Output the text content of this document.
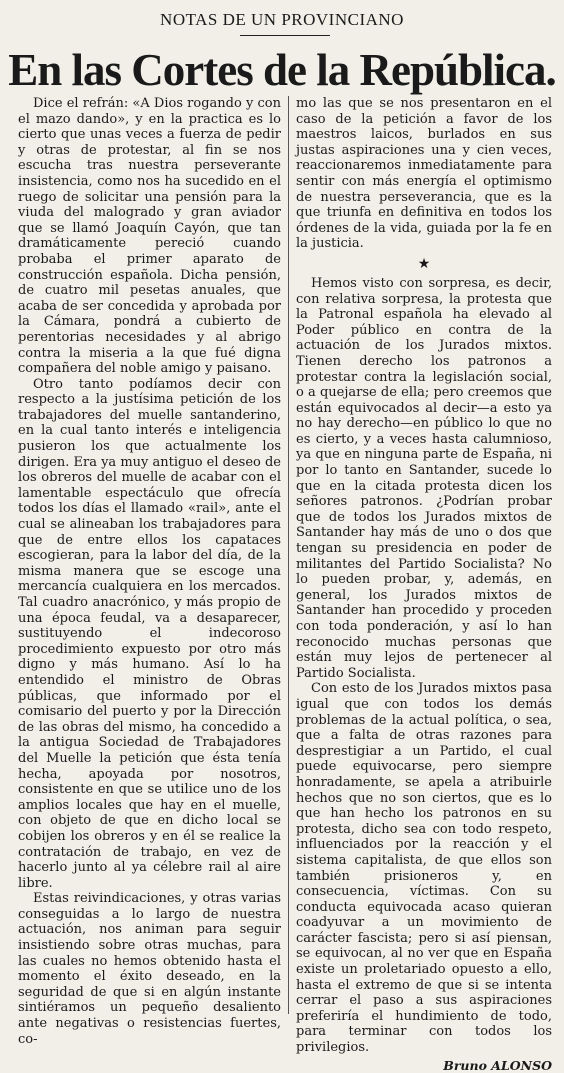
NOTAS DE UN PROVINCIANO
En las Cortes de la República.

Dice el refrán: «A Dios rogando y con el mazo dando», y en la practica es lo cierto que unas veces a fuerza de pedir y otras de protestar, al fin se nos escucha tras nuestra perseverante insistencia, como nos ha sucedido en el ruego de solicitar una pensión para la viuda del malogrado y gran aviador que se llamó Joaquín Cayón, que tan dramáticamente pereció cuando probaba el primer aparato de construcción española. Dicha pensión, de cuatro mil pesetas anuales, que acaba de ser concedida y aprobada por la Cámara, pondrá a cubierto de perentorias necesidades y al abrigo contra la miseria a la que fué digna compañera del noble amigo y paisano.

Otro tanto podíamos decir con respecto a la justísima petición de los trabajadores del muelle santanderino, en la cual tanto interés e inteligencia pusieron los que actualmente los dirigen. Era ya muy antiguo el deseo de los obreros del muelle de acabar con el lamentable espectáculo que ofrecía todos los días el llamado «rail», ante el cual se alineaban los trabajadores para que de entre ellos los capataces escogieran, para la labor del día, de la misma manera que se escoge una mercancía cualquiera en los mercados. Tal cuadro anacrónico, y más propio de una época feudal, va a desaparecer, sustituyendo el indecoroso procedimiento expuesto por otro más digno y más humano. Así lo ha entendido el ministro de Obras públicas, que informado por el comisario del puerto y por la Dirección de las obras del mismo, ha concedido a la antigua Sociedad de Trabajadores del Muelle la petición que ésta tenía hecha, apoyada por nosotros, consistente en que se utilice uno de los amplios locales que hay en el muelle, con objeto de que en dicho local se cobijen los obreros y en él se realice la contratación de trabajo, en vez de hacerlo junto al ya célebre rail al aire libre.

Estas reivindicaciones, y otras varias conseguidas a lo largo de nuestra actuación, nos animan para seguir insistiendo sobre otras muchas, para las cuales no hemos obtenido hasta el momento el éxito deseado, en la seguridad de que si en algún instante sintiéramos un pequeño desaliento ante negativas o resistencias fuertes, co-

mo las que se nos presentaron en el caso de la petición a favor de los maestros laicos, burlados en sus justas aspiraciones una y cien veces, reaccionaremos inmediatamente para sentir con más energía el optimismo de nuestra perseverancia, que es la que triunfa en definitiva en todos los órdenes de la vida, guiada por la fe en la justicia.

★

Hemos visto con sorpresa, es decir, con relativa sorpresa, la protesta que la Patronal española ha elevado al Poder público en contra de la actuación de los Jurados mixtos. Tienen derecho los patronos a protestar contra la legislación social, o a quejarse de ella; pero creemos que están equivocados al decir—a esto ya no hay derecho—en público lo que no es cierto, y a veces hasta calumnioso, ya que en ninguna parte de España, ni por lo tanto en Santander, sucede lo que en la citada protesta dicen los señores patronos. ¿Podrían probar que de todos los Jurados mixtos de Santander hay más de uno o dos que tengan su presidencia en poder de militantes del Partido Socialista? No lo pueden probar, y, además, en general, los Jurados mixtos de Santander han procedido y proceden con toda ponderación, y así lo han reconocido muchas personas que están muy lejos de pertenecer al Partido Socialista.

Con esto de los Jurados mixtos pasa igual que con todos los demás problemas de la actual política, o sea, que a falta de otras razones para desprestigiar a un Partido, el cual puede equivocarse, pero siempre honradamente, se apela a atribuirle hechos que no son ciertos, que es lo que han hecho los patronos en su protesta, dicho sea con todo respeto, influenciados por la reacción y el sistema capitalista, de que ellos son también prisioneros y, en consecuencia, víctimas. Con su conducta equivocada acaso quieran coadyuvar a un movimiento de carácter fascista; pero si así piensan, se equivocan, al no ver que en España existe un proletariado opuesto a ello, hasta el extremo de que si se intenta cerrar el paso a sus aspiraciones preferiría el hundimiento de todo, para terminar con todos los privilegios.

Bruno ALONSO
